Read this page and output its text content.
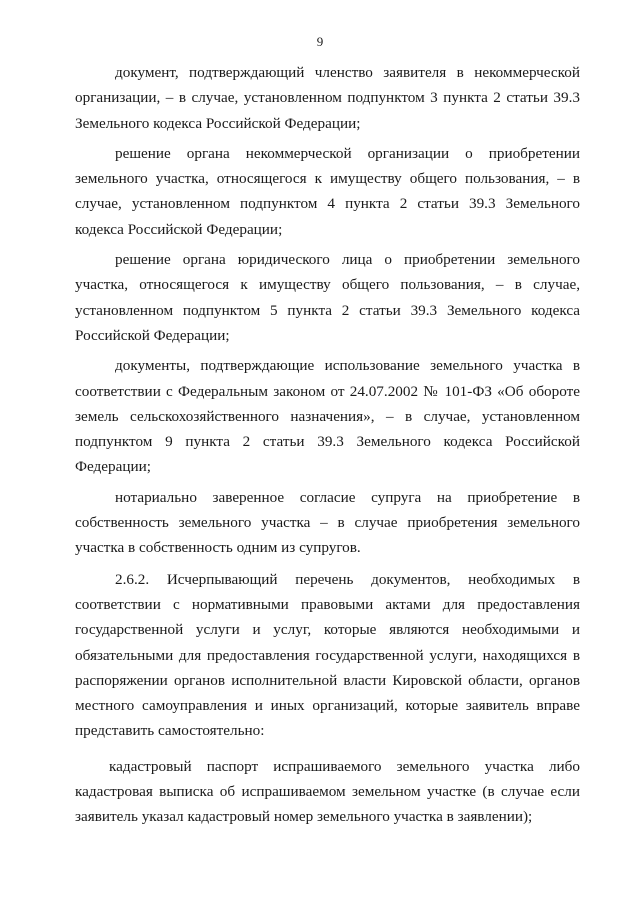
9

документ, подтверждающий членство заявителя в некоммерческой организации, – в случае, установленном подпунктом 3 пункта 2 статьи 39.3 Земельного кодекса Российской Федерации;

решение органа некоммерческой организации о приобретении земельного участка, относящегося к имуществу общего пользования, – в случае, установленном подпунктом 4 пункта 2 статьи 39.3 Земельного кодекса Российской Федерации;

решение органа юридического лица о приобретении земельного участка, относящегося к имуществу общего пользования, – в случае, установленном подпунктом 5 пункта 2 статьи 39.3 Земельного кодекса Российской Федерации;

документы, подтверждающие использование земельного участка в соответствии с Федеральным законом от 24.07.2002 № 101-ФЗ «Об обороте земель сельскохозяйственного назначения», – в случае, установленном подпунктом 9 пункта 2 статьи 39.3 Земельного кодекса Российской Федерации;

нотариально заверенное согласие супруга на приобретение в собственность земельного участка – в случае приобретения земельного участка в собственность одним из супругов.

2.6.2. Исчерпывающий перечень документов, необходимых в соответствии с нормативными правовыми актами для предоставления государственной услуги и услуг, которые являются необходимыми и обязательными для предоставления государственной услуги, находящихся в распоряжении органов исполнительной власти Кировской области, органов местного самоуправления и иных организаций, которые заявитель вправе представить самостоятельно:

кадастровый паспорт испрашиваемого земельного участка либо кадастровая выписка об испрашиваемом земельном участке (в случае если заявитель указал кадастровый номер земельного участка в заявлении);
